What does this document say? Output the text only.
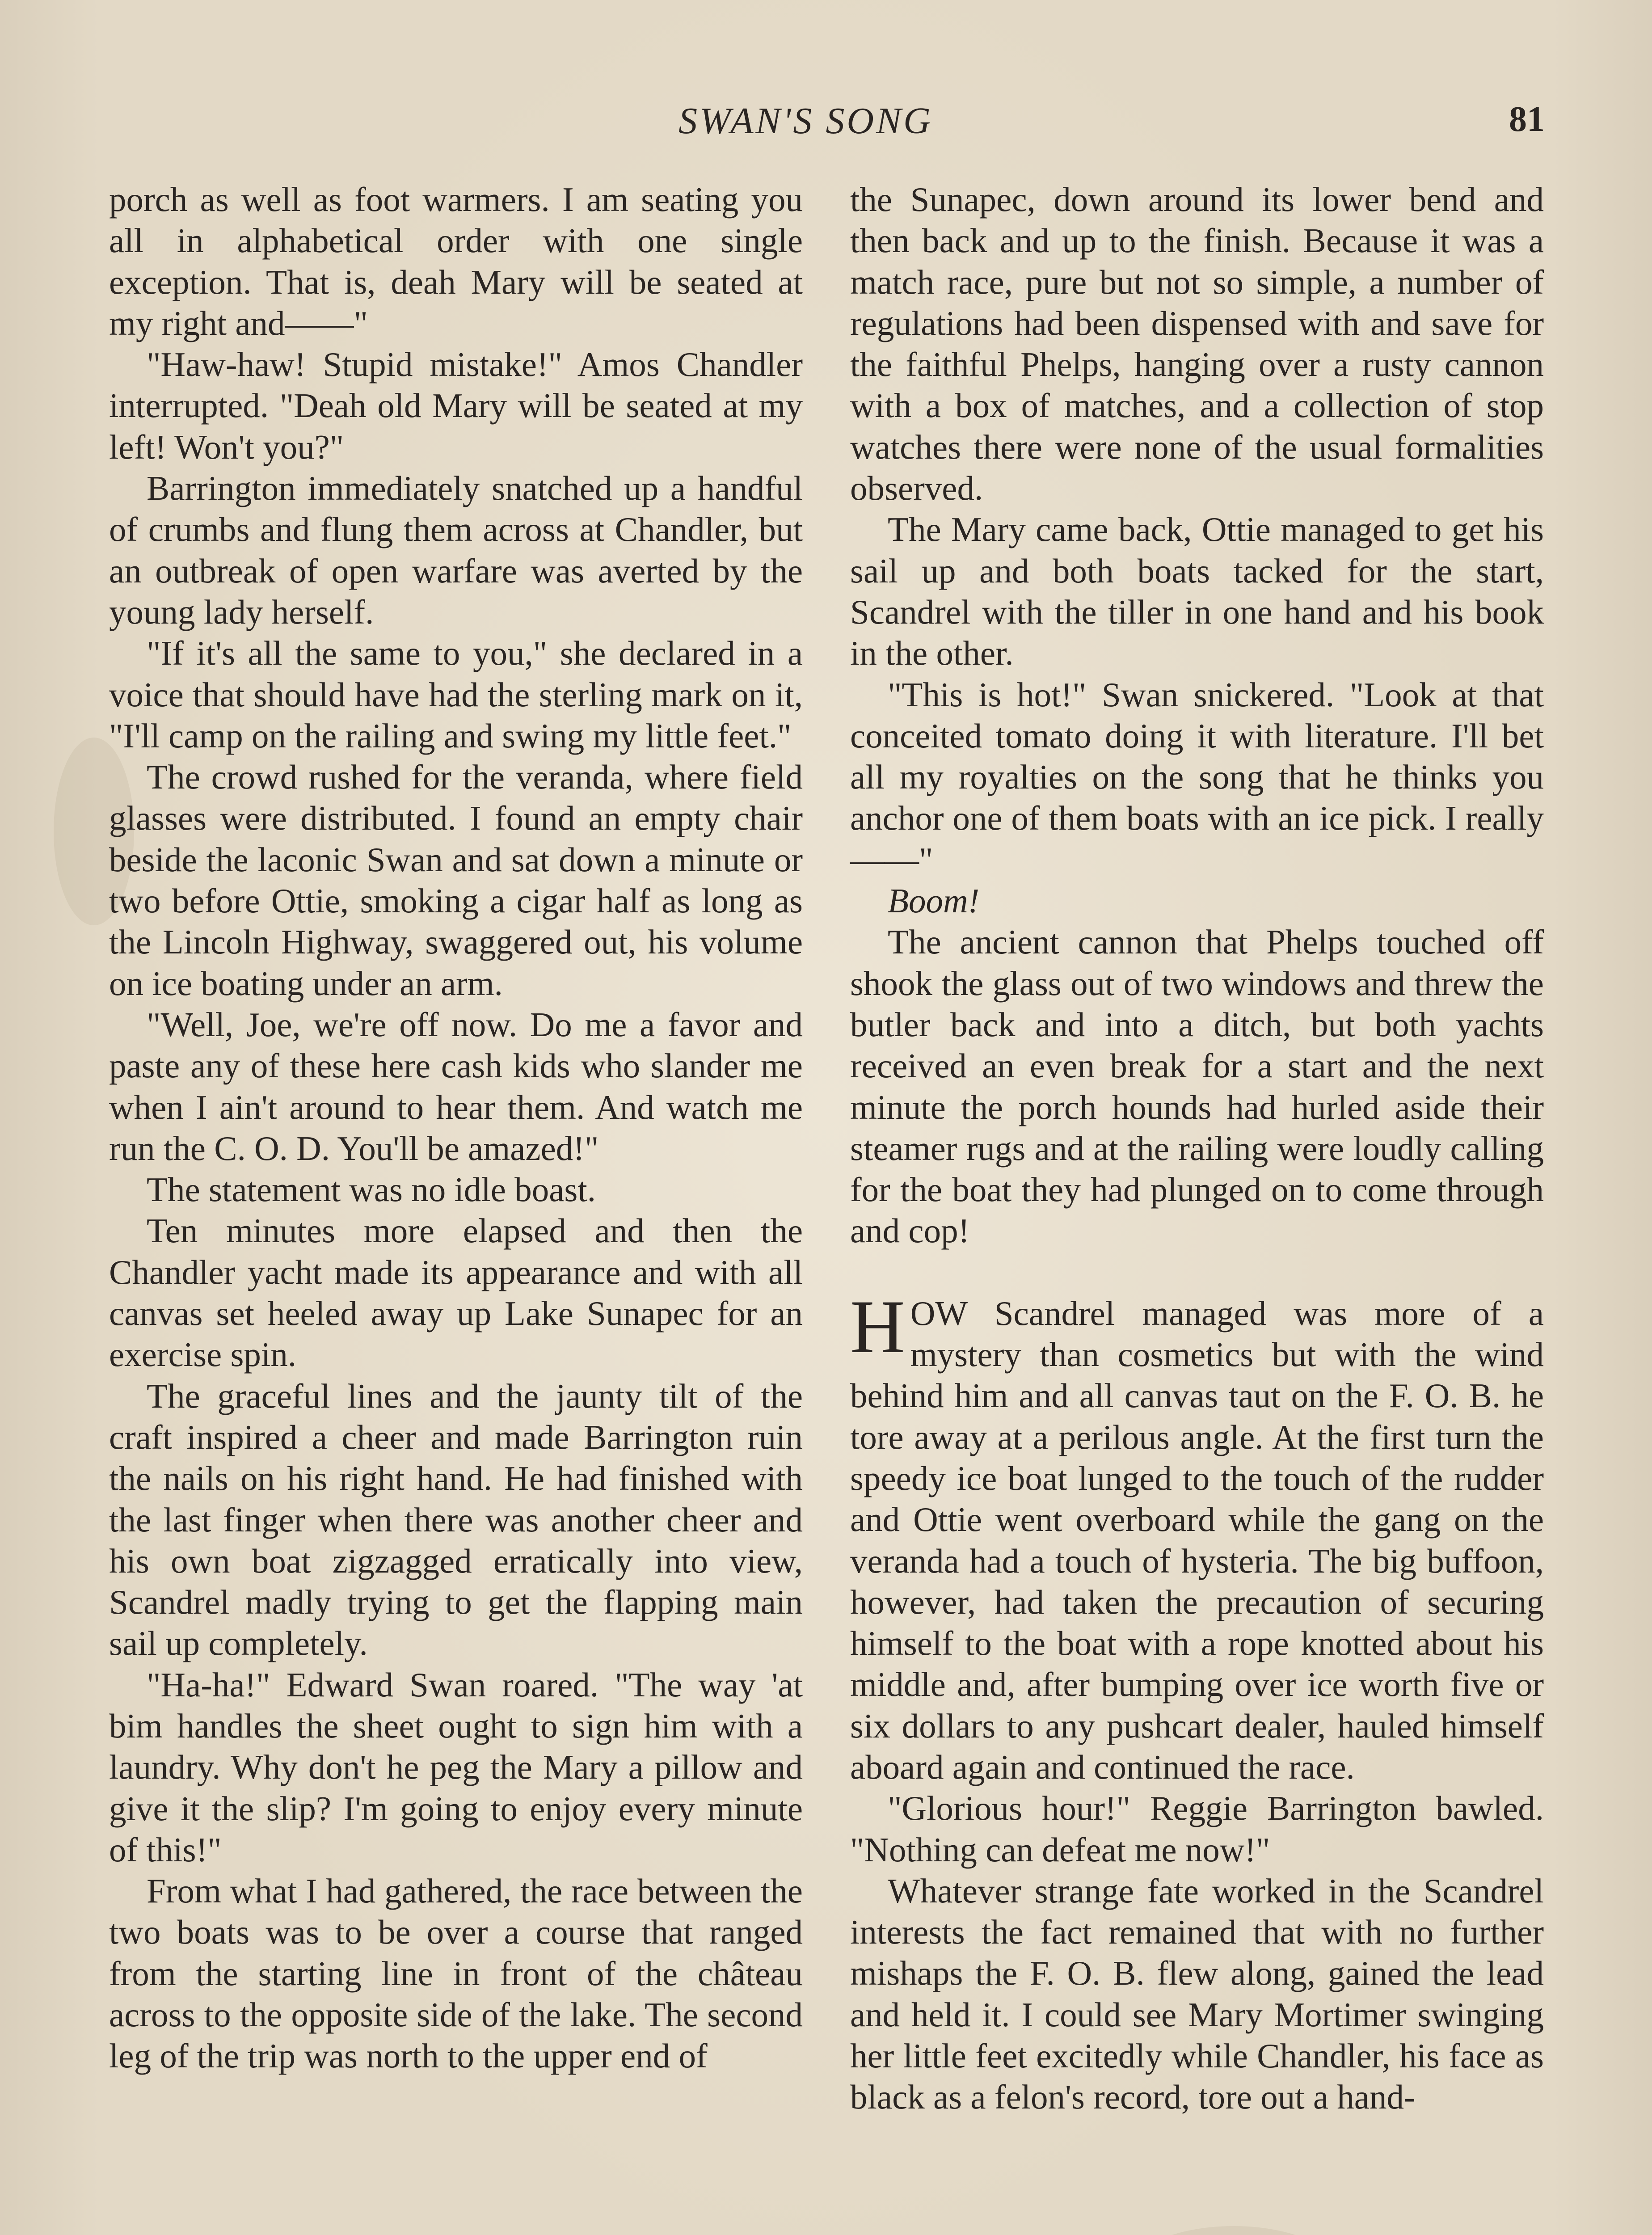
SWAN'S SONG	81

porch as well as foot warmers. I am seating you all in alphabetical order with one single exception. That is, deah Mary will be seated at my right and——"

"Haw-haw! Stupid mistake!" Amos Chandler interrupted. "Deah old Mary will be seated at my left! Won't you?"

Barrington immediately snatched up a handful of crumbs and flung them across at Chandler, but an outbreak of open warfare was averted by the young lady herself.

"If it's all the same to you," she declared in a voice that should have had the sterling mark on it, "I'll camp on the railing and swing my little feet."

The crowd rushed for the veranda, where field glasses were distributed. I found an empty chair beside the laconic Swan and sat down a minute or two before Ottie, smoking a cigar half as long as the Lincoln Highway, swaggered out, his volume on ice boating under an arm.

"Well, Joe, we're off now. Do me a favor and paste any of these here cash kids who slander me when I ain't around to hear them. And watch me run the C. O. D. You'll be amazed!"

The statement was no idle boast.

Ten minutes more elapsed and then the Chandler yacht made its appearance and with all canvas set heeled away up Lake Sunapec for an exercise spin.

The graceful lines and the jaunty tilt of the craft inspired a cheer and made Barrington ruin the nails on his right hand. He had finished with the last finger when there was another cheer and his own boat zigzagged erratically into view, Scandrel madly trying to get the flapping main sail up completely.

"Ha-ha!" Edward Swan roared. "The way 'at bim handles the sheet ought to sign him with a laundry. Why don't he peg the Mary a pillow and give it the slip? I'm going to enjoy every minute of this!"

From what I had gathered, the race between the two boats was to be over a course that ranged from the starting line in front of the château across to the opposite side of the lake. The second leg of the trip was north to the upper end of

the Sunapec, down around its lower bend and then back and up to the finish. Because it was a match race, pure but not so simple, a number of regulations had been dispensed with and save for the faithful Phelps, hanging over a rusty cannon with a box of matches, and a collection of stop watches there were none of the usual formalities observed.

The Mary came back, Ottie managed to get his sail up and both boats tacked for the start, Scandrel with the tiller in one hand and his book in the other.

"This is hot!" Swan snickered. "Look at that conceited tomato doing it with literature. I'll bet all my royalties on the song that he thinks you anchor one of them boats with an ice pick. I really——"

Boom!

The ancient cannon that Phelps touched off shook the glass out of two windows and threw the butler back and into a ditch, but both yachts received an even break for a start and the next minute the porch hounds had hurled aside their steamer rugs and at the railing were loudly calling for the boat they had plunged on to come through and cop!

HOW Scandrel managed was more of a mystery than cosmetics but with the wind behind him and all canvas taut on the F. O. B. he tore away at a perilous angle. At the first turn the speedy ice boat lunged to the touch of the rudder and Ottie went overboard while the gang on the veranda had a touch of hysteria. The big buffoon, however, had taken the precaution of securing himself to the boat with a rope knotted about his middle and, after bumping over ice worth five or six dollars to any pushcart dealer, hauled himself aboard again and continued the race.

"Glorious hour!" Reggie Barrington bawled. "Nothing can defeat me now!"

Whatever strange fate worked in the Scandrel interests the fact remained that with no further mishaps the F. O. B. flew along, gained the lead and held it. I could see Mary Mortimer swinging her little feet excitedly while Chandler, his face as black as a felon's record, tore out a hand-
